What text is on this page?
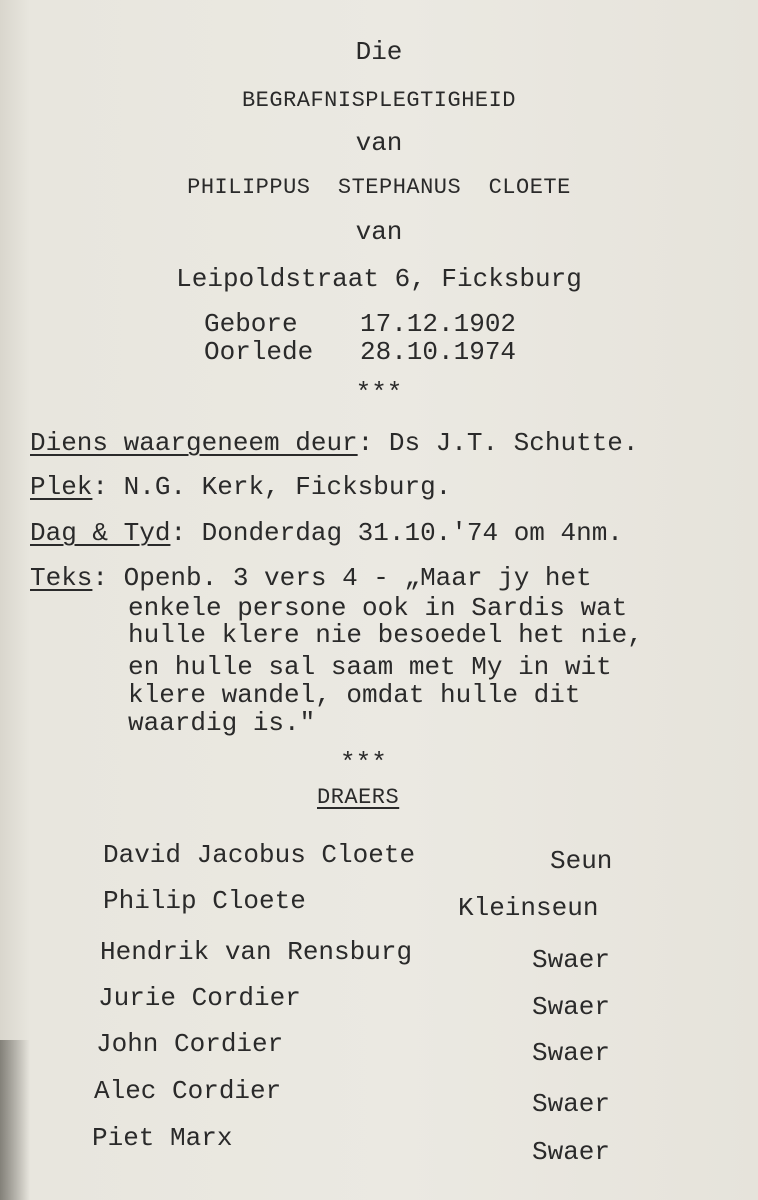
Die
BEGRAFNISPLEGTIGHEID
van
PHILIPPUS  STEPHANUS  CLOETE
van
Leipoldstraat 6, Ficksburg
Gebore 17.12.1902
Oorlede 28.10.1974
***
Diens waargeneem deur: Ds J.T. Schutte.
Plek: N.G. Kerk, Ficksburg.
Dag & Tyd: Donderdag 31.10.'74 om 4nm.
Teks: Openb. 3 vers 4 - „Maar jy het
enkele persone ook in Sardis wat
hulle klere nie besoedel het nie,
en hulle sal saam met My in wit
klere wandel, omdat hulle dit
waardig is."
***
DRAERS
David Jacobus Cloete	Seun
Philip Cloete	Kleinseun
Hendrik van Rensburg	Swaer
Jurie Cordier	Swaer
John Cordier	Swaer
Alec Cordier	Swaer
Piet Marx	Swaer
